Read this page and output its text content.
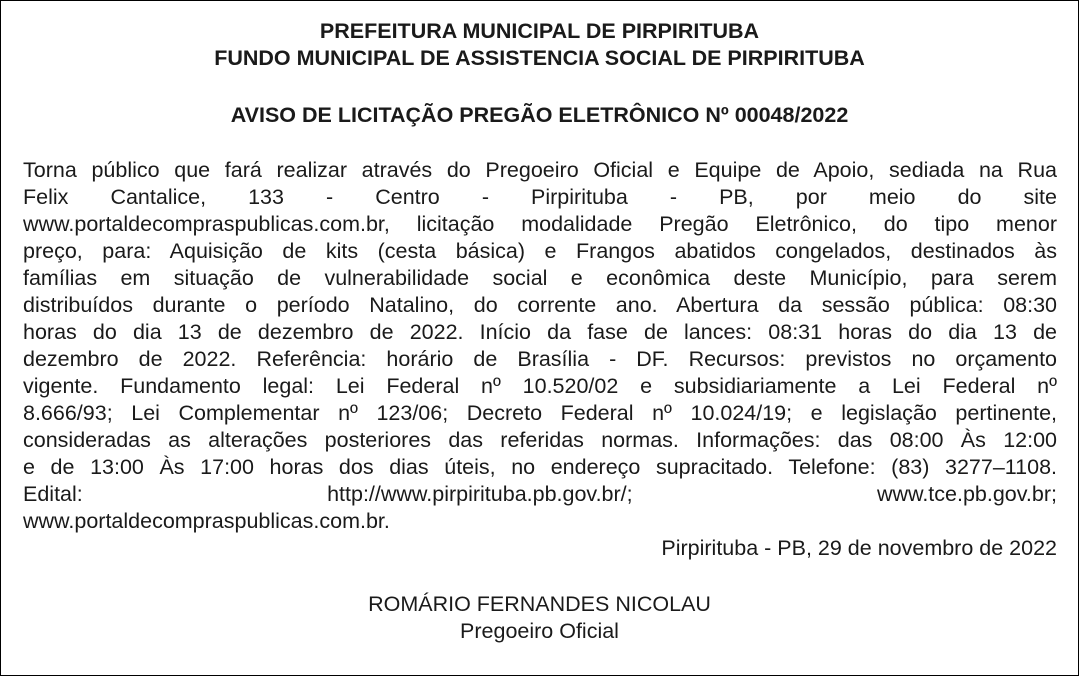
PREFEITURA MUNICIPAL DE PIRPIRITUBA
FUNDO MUNICIPAL DE ASSISTENCIA SOCIAL DE PIRPIRITUBA
AVISO DE LICITAÇÃO PREGÃO ELETRÔNICO Nº 00048/2022
Torna público que fará realizar através do Pregoeiro Oficial e Equipe de Apoio, sediada na Rua
Felix Cantalice, 133 - Centro - Pirpirituba - PB, por meio do site
www.portaldecompraspublicas.com.br, licitação modalidade Pregão Eletrônico, do tipo menor
preço, para: Aquisição de kits (cesta básica) e Frangos abatidos congelados, destinados às
famílias em situação de vulnerabilidade social e econômica deste Município, para serem
distribuídos durante o período Natalino, do corrente ano. Abertura da sessão pública: 08:30
horas do dia 13 de dezembro de 2022. Início da fase de lances: 08:31 horas do dia 13 de
dezembro de 2022. Referência: horário de Brasília - DF. Recursos: previstos no orçamento
vigente. Fundamento legal: Lei Federal nº 10.520/02 e subsidiariamente a Lei Federal nº
8.666/93; Lei Complementar nº 123/06; Decreto Federal nº 10.024/19; e legislação pertinente,
consideradas as alterações posteriores das referidas normas. Informações: das 08:00 Às 12:00
e de 13:00 Às 17:00 horas dos dias úteis, no endereço supracitado. Telefone: (83) 3277–1108.
Edital: http://www.pirpirituba.pb.gov.br/; www.tce.pb.gov.br;
www.portaldecompraspublicas.com.br.
Pirpirituba - PB, 29 de novembro de 2022
ROMÁRIO FERNANDES NICOLAU
Pregoeiro Oficial
